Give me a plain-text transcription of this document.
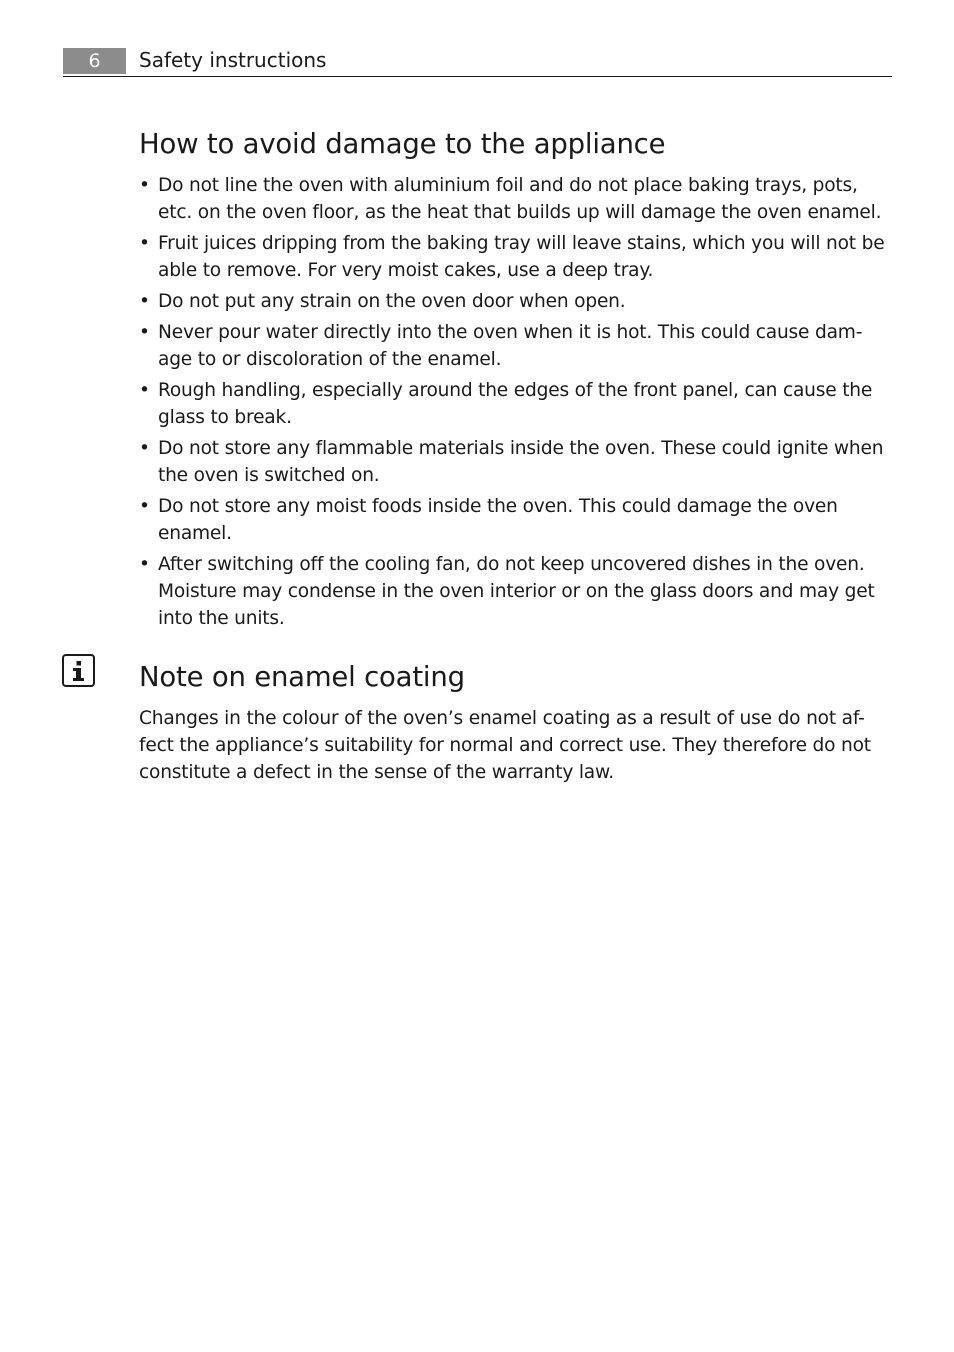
6	Safety instructions
How to avoid damage to the appliance
• Do not line the oven with aluminium foil and do not place baking trays, pots, etc. on the oven floor, as the heat that builds up will damage the oven enamel.
• Fruit juices dripping from the baking tray will leave stains, which you will not be able to remove. For very moist cakes, use a deep tray.
• Do not put any strain on the oven door when open.
• Never pour water directly into the oven when it is hot. This could cause dam-age to or discoloration of the enamel.
• Rough handling, especially around the edges of the front panel, can cause the glass to break.
• Do not store any flammable materials inside the oven. These could ignite when the oven is switched on.
• Do not store any moist foods inside the oven. This could damage the oven enamel.
• After switching off the cooling fan, do not keep uncovered dishes in the oven. Moisture may condense in the oven interior or on the glass doors and may get into the units.
Note on enamel coating

Changes in the colour of the oven’s enamel coating as a result of use do not af-fect the appliance’s suitability for normal and correct use. They therefore do not constitute a defect in the sense of the warranty law.
